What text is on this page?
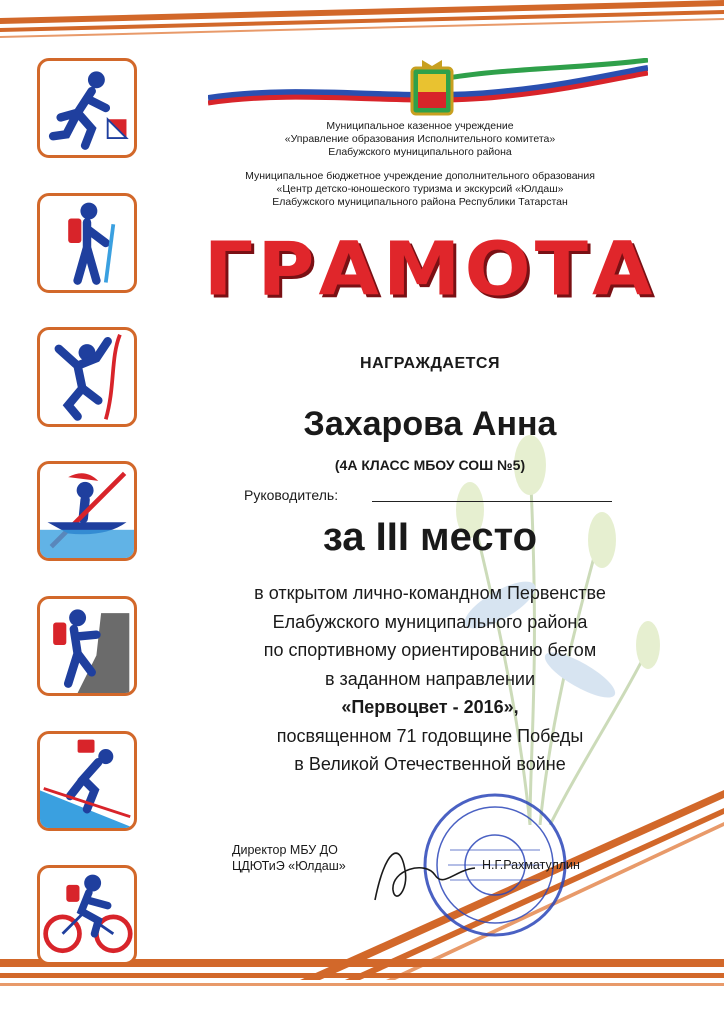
Муниципальное казенное учреждение
«Управление образования Исполнительного комитета»
Елабужского муниципального района
Муниципальное бюджетное учреждение дополнительного образования
«Центр детско-юношеского туризма и экскурсий «Юлдаш»
Елабужского муниципального района Республики Татарстан
ГРАМОТА
НАГРАЖДАЕТСЯ
Захарова Анна
(4А КЛАСС МБОУ СОШ №5)
Руководитель:
за III место
в открытом лично-командном Первенстве
Елабужского муниципального района
по спортивному ориентированию бегом
в заданном направлении
«Первоцвет - 2016»,
посвященном 71 годовщине Победы
в Великой Отечественной войне
Директор МБУ ДО
ЦДЮТиЭ «Юлдаш»	Н.Г.Рахматуллин
